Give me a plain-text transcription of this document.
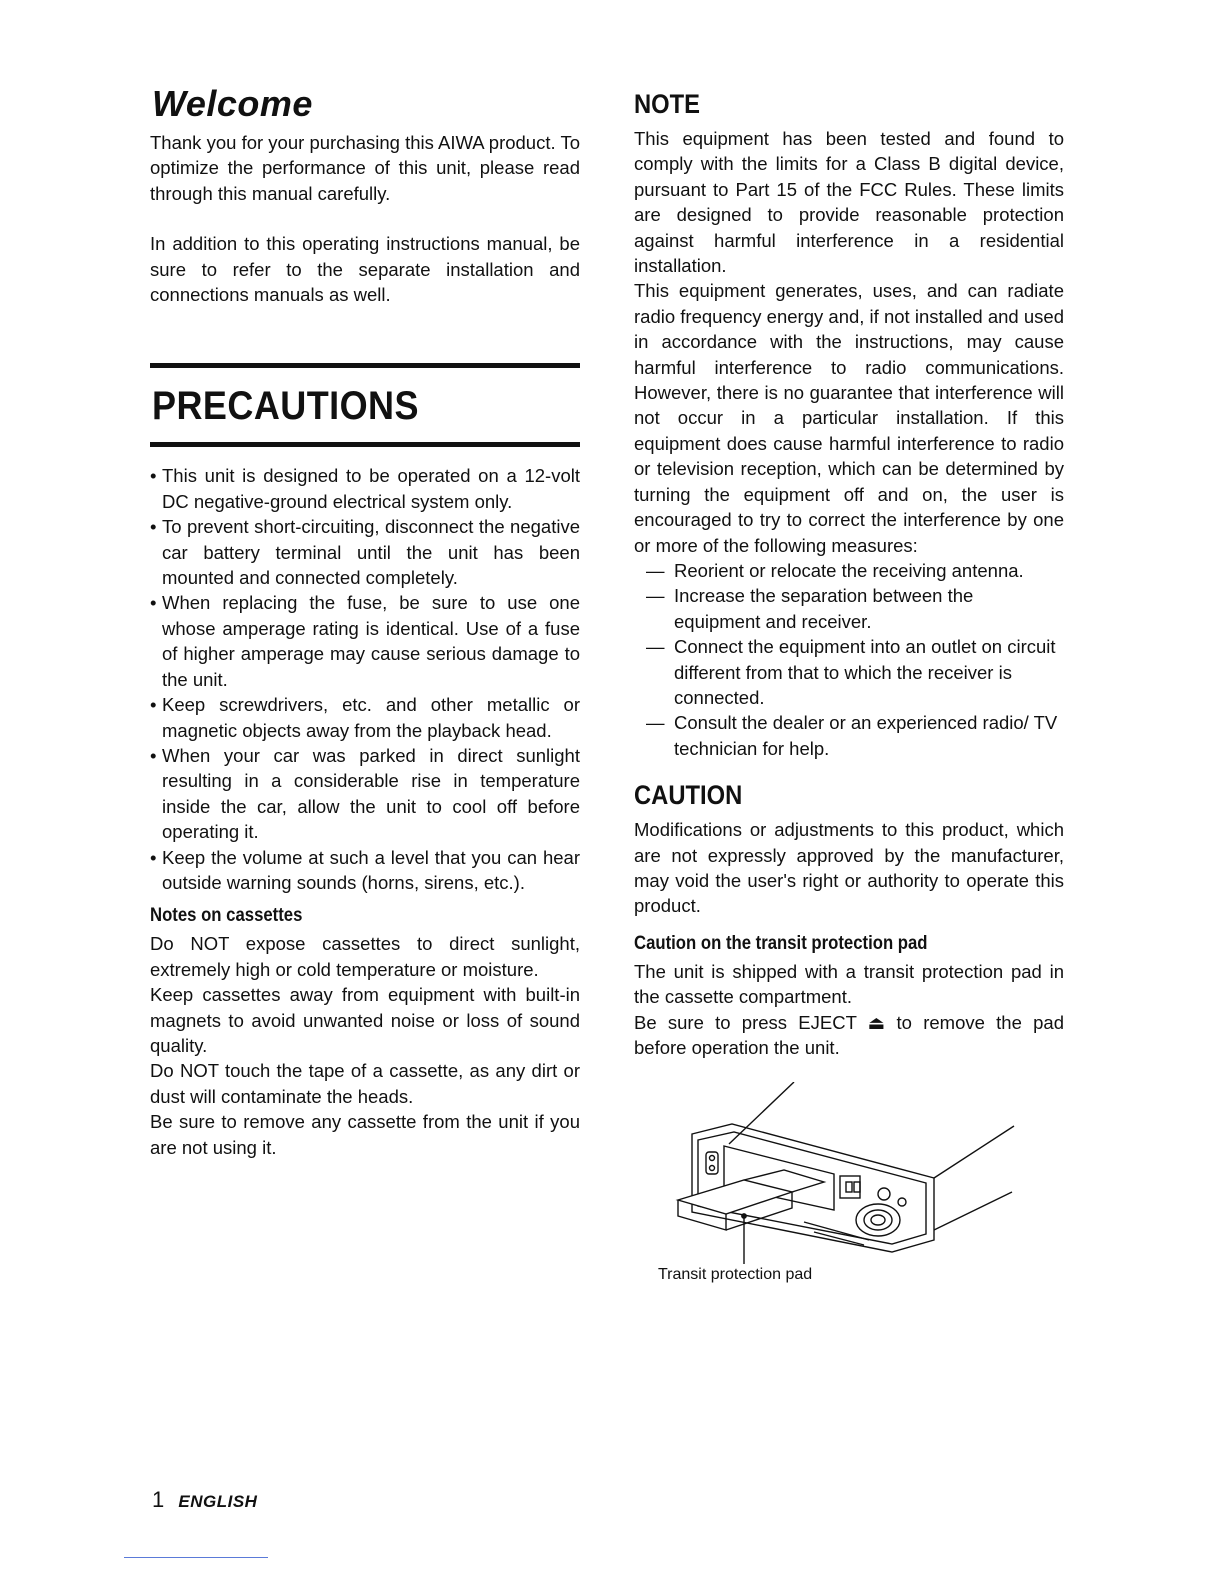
Welcome

Thank you for your purchasing this AIWA product. To optimize the performance of this unit, please read through this manual carefully.

In addition to this operating instructions manual, be sure to refer to the separate installation and connections manuals as well.

PRECAUTIONS
• This unit is designed to be operated on a 12-volt DC negative-ground electrical system only.
• To prevent short-circuiting, disconnect the negative car battery terminal until the unit has been mounted and connected completely.
• When replacing the fuse, be sure to use one whose amperage rating is identical. Use of a fuse of higher amperage may cause serious damage to the unit.
• Keep screwdrivers, etc. and other metallic or magnetic objects away from the playback head.
• When your car was parked in direct sunlight resulting in a considerable rise in temperature inside the car, allow the unit to cool off before operating it.
• Keep the volume at such a level that you can hear outside warning sounds (horns, sirens, etc.).
Notes on cassettes

Do NOT expose cassettes to direct sunlight, extremely high or cold temperature or moisture.

Keep cassettes away from equipment with built-in magnets to avoid unwanted noise or loss of sound quality.

Do NOT touch the tape of a cassette, as any dirt or dust will contaminate the heads.

Be sure to remove any cassette from the unit if you are not using it.

NOTE

This equipment has been tested and found to comply with the limits for a Class B digital device, pursuant to Part 15 of the FCC Rules. These limits are designed to provide reasonable protection against harmful interference in a residential installation.

This equipment generates, uses, and can radiate radio frequency energy and, if not installed and used in accordance with the instructions, may cause harmful interference to radio communications. However, there is no guarantee that interference will not occur in a particular installation. If this equipment does cause harmful interference to radio or television reception, which can be determined by turning the equipment off and on, the user is encouraged to try to correct the interference by one or more of the following measures:

— Reorient or relocate the receiving antenna.
— Increase the separation between the equipment and receiver.
— Connect the equipment into an outlet on circuit different from that to which the receiver is connected.
— Consult the dealer or an experienced radio/ TV technician for help.
CAUTION

Modifications or adjustments to this product, which are not expressly approved by the manufacturer, may void the user's right or authority to operate this product.

Caution on the transit protection pad

The unit is shipped with a transit protection pad in the cassette compartment.

Be sure to press EJECT ⏏ to remove the pad before operation the unit.

Transit protection pad
1 ENGLISH
